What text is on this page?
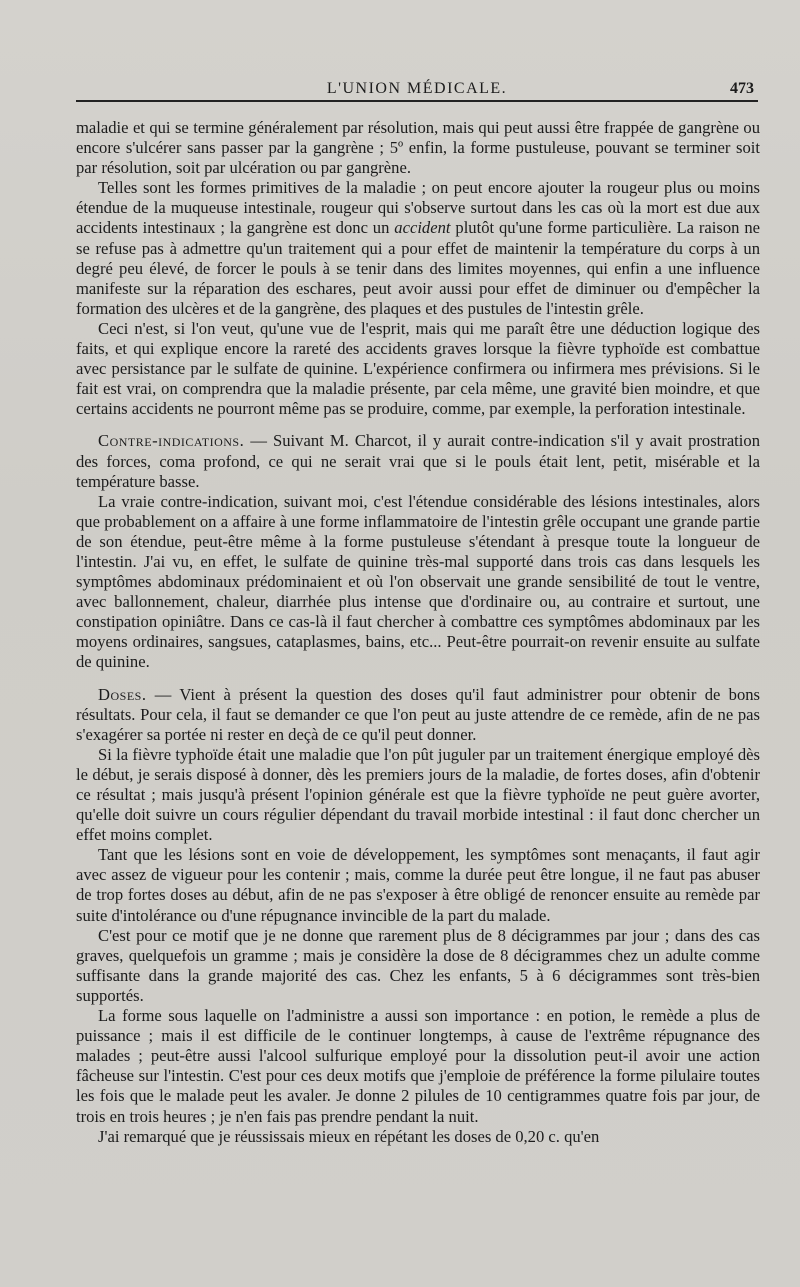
L'UNION MÉDICALE.	473

maladie et qui se termine généralement par résolution, mais qui peut aussi être frappée de gangrène ou encore s'ulcérer sans passer par la gangrène ; 5º enfin, la forme pustuleuse, pouvant se terminer soit par résolution, soit par ulcération ou par gangrène.

Telles sont les formes primitives de la maladie ; on peut encore ajouter la rougeur plus ou moins étendue de la muqueuse intestinale, rougeur qui s'observe surtout dans les cas où la mort est due aux accidents intestinaux ; la gangrène est donc un accident plutôt qu'une forme particulière. La raison ne se refuse pas à admettre qu'un traitement qui a pour effet de maintenir la température du corps à un degré peu élevé, de forcer le pouls à se tenir dans des limites moyennes, qui enfin a une influence manifeste sur la réparation des eschares, peut avoir aussi pour effet de diminuer ou d'empêcher la formation des ulcères et de la gangrène, des plaques et des pustules de l'intestin grêle.

Ceci n'est, si l'on veut, qu'une vue de l'esprit, mais qui me paraît être une déduction logique des faits, et qui explique encore la rareté des accidents graves lorsque la fièvre typhoïde est combattue avec persistance par le sulfate de quinine. L'expérience confirmera ou infirmera mes prévisions. Si le fait est vrai, on comprendra que la maladie présente, par cela même, une gravité bien moindre, et que certains accidents ne pourront même pas se produire, comme, par exemple, la perforation intestinale.

Contre-indications. — Suivant M. Charcot, il y aurait contre-indication s'il y avait prostration des forces, coma profond, ce qui ne serait vrai que si le pouls était lent, petit, misérable et la température basse.

La vraie contre-indication, suivant moi, c'est l'étendue considérable des lésions intestinales, alors que probablement on a affaire à une forme inflammatoire de l'intestin grêle occupant une grande partie de son étendue, peut-être même à la forme pustuleuse s'étendant à presque toute la longueur de l'intestin. J'ai vu, en effet, le sulfate de quinine très-mal supporté dans trois cas dans lesquels les symptômes abdominaux prédominaient et où l'on observait une grande sensibilité de tout le ventre, avec ballonnement, chaleur, diarrhée plus intense que d'ordinaire ou, au contraire et surtout, une constipation opiniâtre. Dans ce cas-là il faut chercher à combattre ces symptômes abdominaux par les moyens ordinaires, sangsues, cataplasmes, bains, etc... Peut-être pourrait-on revenir ensuite au sulfate de quinine.

Doses. — Vient à présent la question des doses qu'il faut administrer pour obtenir de bons résultats. Pour cela, il faut se demander ce que l'on peut au juste attendre de ce remède, afin de ne pas s'exagérer sa portée ni rester en deçà de ce qu'il peut donner.

Si la fièvre typhoïde était une maladie que l'on pût juguler par un traitement énergique employé dès le début, je serais disposé à donner, dès les premiers jours de la maladie, de fortes doses, afin d'obtenir ce résultat ; mais jusqu'à présent l'opinion générale est que la fièvre typhoïde ne peut guère avorter, qu'elle doit suivre un cours régulier dépendant du travail morbide intestinal : il faut donc chercher un effet moins complet.

Tant que les lésions sont en voie de développement, les symptômes sont menaçants, il faut agir avec assez de vigueur pour les contenir ; mais, comme la durée peut être longue, il ne faut pas abuser de trop fortes doses au début, afin de ne pas s'exposer à être obligé de renoncer ensuite au remède par suite d'intolérance ou d'une répugnance invincible de la part du malade.

C'est pour ce motif que je ne donne que rarement plus de 8 décigrammes par jour ; dans des cas graves, quelquefois un gramme ; mais je considère la dose de 8 décigrammes chez un adulte comme suffisante dans la grande majorité des cas. Chez les enfants, 5 à 6 décigrammes sont très-bien supportés.

La forme sous laquelle on l'administre a aussi son importance : en potion, le remède a plus de puissance ; mais il est difficile de le continuer longtemps, à cause de l'extrême répugnance des malades ; peut-être aussi l'alcool sulfurique employé pour la dissolution peut-il avoir une action fâcheuse sur l'intestin. C'est pour ces deux motifs que j'emploie de préférence la forme pilulaire toutes les fois que le malade peut les avaler. Je donne 2 pilules de 10 centigrammes quatre fois par jour, de trois en trois heures ; je n'en fais pas prendre pendant la nuit.

J'ai remarqué que je réussissais mieux en répétant les doses de 0,20 c. qu'en
